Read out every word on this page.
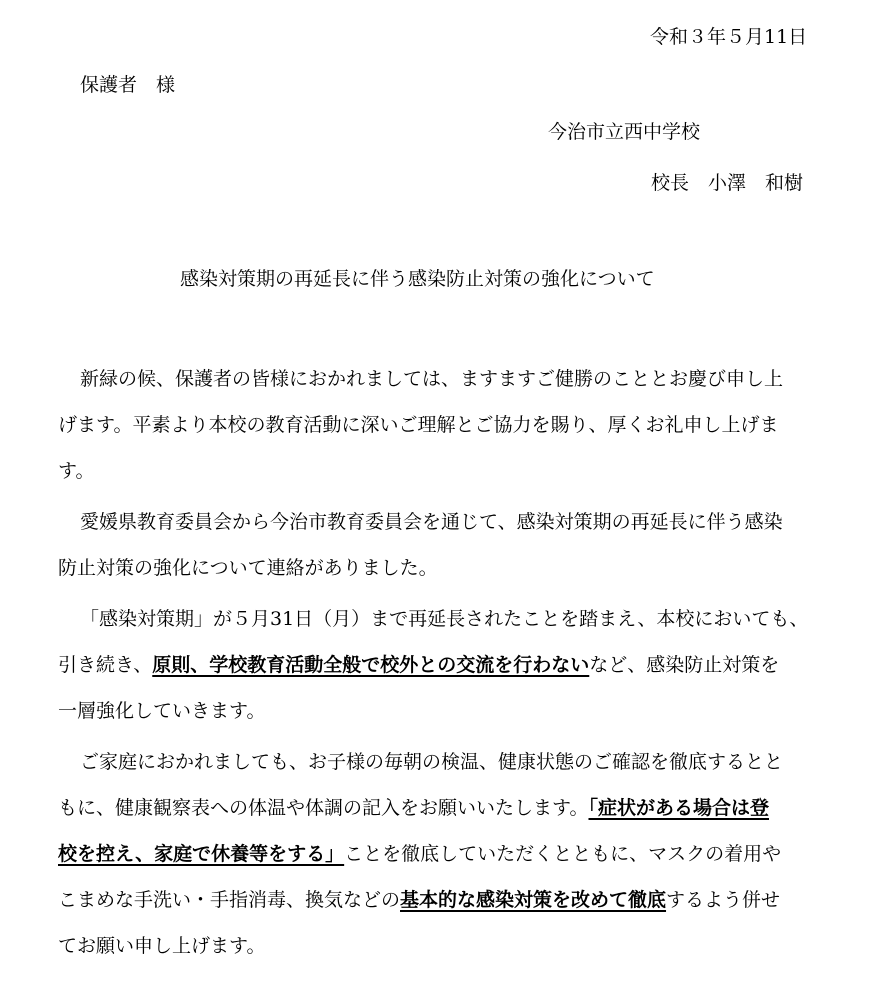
令和３年５月11日
保護者　様
今治市立西中学校
校長　小澤　和樹
感染対策期の再延長に伴う感染防止対策の強化について
新緑の候、保護者の皆様におかれましては、ますますご健勝のこととお慶び申し上
げます。平素より本校の教育活動に深いご理解とご協力を賜り、厚くお礼申し上げま
す。
愛媛県教育委員会から今治市教育委員会を通じて、感染対策期の再延長に伴う感染
防止対策の強化について連絡がありました。
「感染対策期」が５月31日（月）まで再延長されたことを踏まえ、本校においても、
引き続き、原則、学校教育活動全般で校外との交流を行わないなど、感染防止対策を
一層強化していきます。
ご家庭におかれましても、お子様の毎朝の検温、健康状態のご確認を徹底するとと
もに、健康観察表への体温や体調の記入をお願いいたします。「症状がある場合は登
校を控え、家庭で休養等をする」ことを徹底していただくとともに、マスクの着用や
こまめな手洗い・手指消毒、換気などの基本的な感染対策を改めて徹底するよう併せ
てお願い申し上げます。
